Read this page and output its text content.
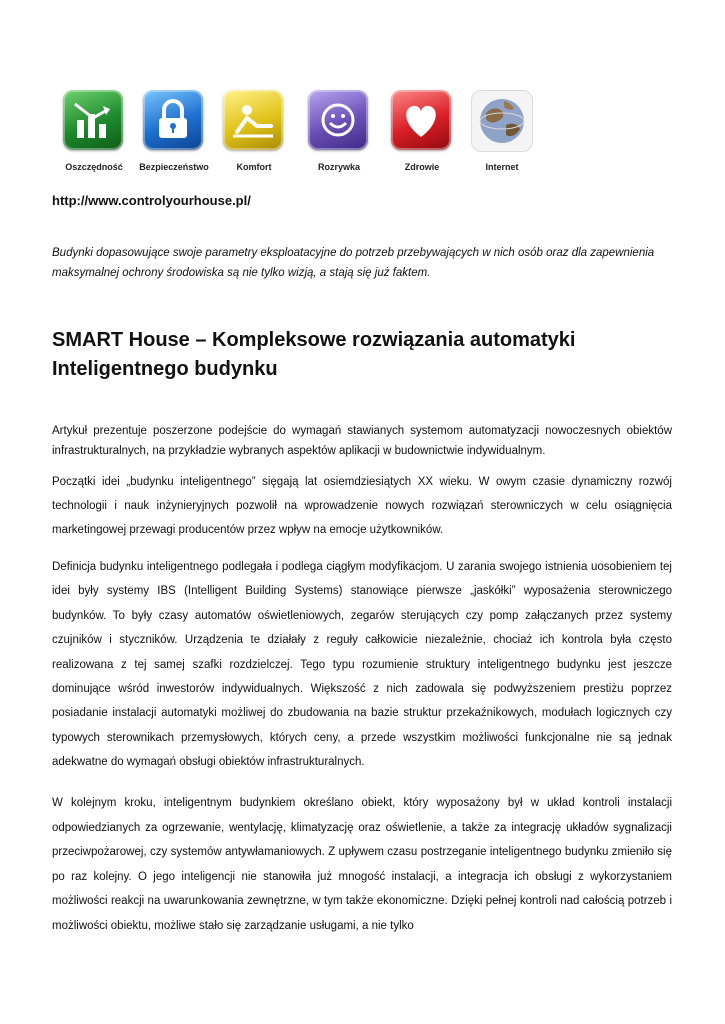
Oszczędność	Bezpieczeństwo	Komfort	Rozrywka	Zdrowie	Internet
http://www.controlyourhouse.pl/
Budynki dopasowujące swoje parametry eksploatacyjne do potrzeb przebywających w nich osób oraz dla zapewnienia maksymalnej ochrony środowiska są nie tylko wizją, a stają się już faktem.
SMART House – Kompleksowe rozwiązania automatyki Inteligentnego budynku

Artykuł prezentuje poszerzone podejście do wymagań stawianych systemom automatyzacji nowoczesnych obiektów infrastrukturalnych, na przykładzie wybranych aspektów aplikacji w budownictwie indywidualnym.

Początki idei „budynku inteligentnego” sięgają lat osiemdziesiątych XX wieku. W owym czasie dynamiczny rozwój technologii i nauk inżynieryjnych pozwolił na wprowadzenie nowych rozwiązań sterowniczych w celu osiągnięcia marketingowej przewagi producentów przez wpływ na emocje użytkowników.

Definicja budynku inteligentnego podlegała i podlega ciągłym modyfikacjom. U zarania swojego istnienia uosobieniem tej idei były systemy IBS (Intelligent Building Systems) stanowiące pierwsze „jaskółki” wyposażenia sterowniczego budynków. To były czasy automatów oświetleniowych, zegarów sterujących czy pomp załączanych przez systemy czujników i styczników. Urządzenia te działały z reguły całkowicie niezależnie, chociaż ich kontrola była często realizowana z tej samej szafki rozdzielczej. Tego typu rozumienie struktury inteligentnego budynku jest jeszcze dominujące wśród inwestorów indywidualnych. Większość z nich zadowala się podwyższeniem prestiżu poprzez posiadanie instalacji automatyki możliwej do zbudowania na bazie struktur przekaźnikowych, modułach logicznych czy typowych sterownikach przemysłowych, których ceny, a przede wszystkim możliwości funkcjonalne nie są jednak adekwatne do wymagań obsługi obiektów infrastrukturalnych.

W kolejnym kroku, inteligentnym budynkiem określano obiekt, który wyposażony był w układ kontroli instalacji odpowiedzianych za ogrzewanie, wentylację, klimatyzację oraz oświetlenie, a także za integrację układów sygnalizacji przeciwpożarowej, czy systemów antywłamaniowych. Z upływem czasu postrzeganie inteligentnego budynku zmieniło się po raz kolejny. O jego inteligencji nie stanowiła już mnogość instalacji, a integracja ich obsługi z wykorzystaniem możliwości reakcji na uwarunkowania zewnętrzne, w tym także ekonomiczne. Dzięki pełnej kontroli nad całością potrzeb i możliwości obiektu, możliwe stało się zarządzanie usługami, a nie tylko
